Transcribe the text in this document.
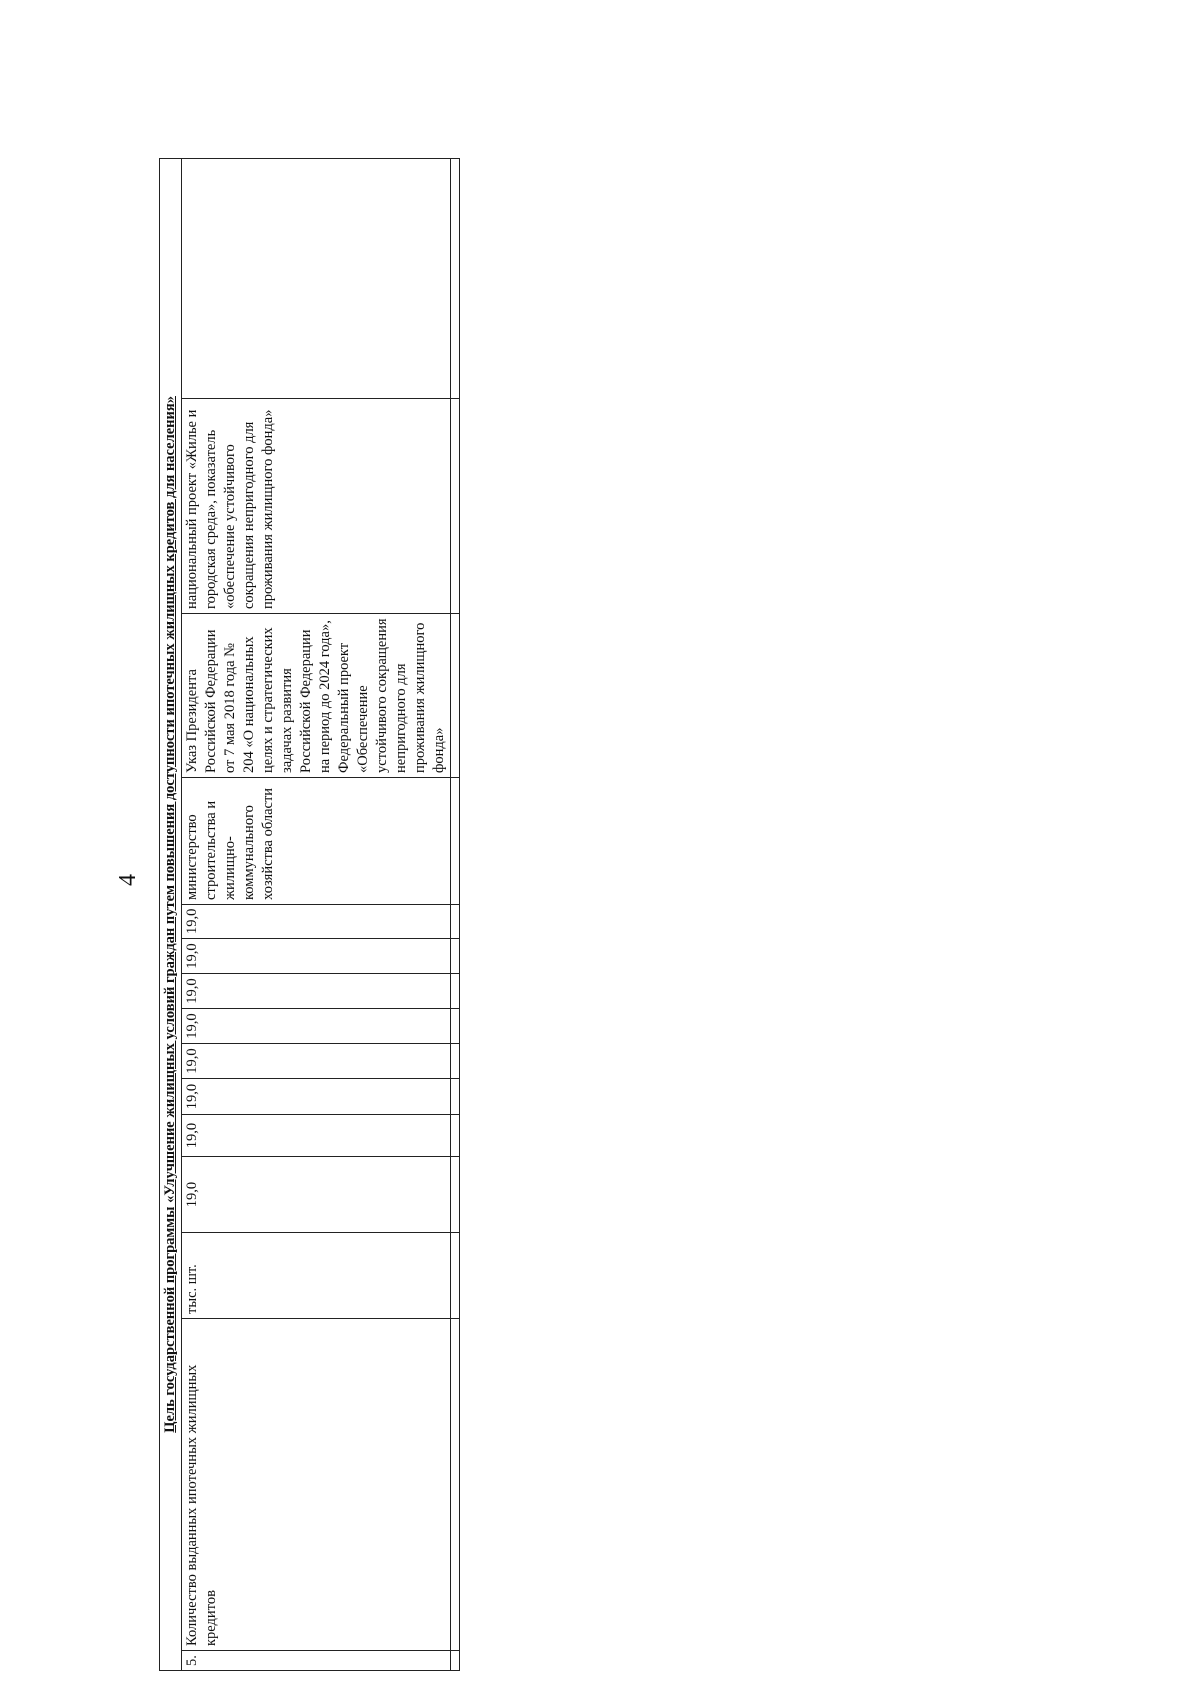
4 Цель государственной программы «Улучшение жилищных условий граждан путем повышения доступности ипотечных жилищных кредитов для населения»														
5.	Количество выданных ипотечных жилищных кредитов	тыс. шт.	19,0	19,0	19,0	19,0	19,0	19,0	19,0	19,0	министерство строительства и жилищно-коммунального хозяйства области	Указ Президента Российской Федерации от 7 мая 2018 года № 204 «О национальных целях и стратегических задачах развития Российской Федерации на период до 2024 года», Федеральный проект «Обеспечение устойчивого сокращения непригодного для проживания жилищного фонда»	национальный проект «Жилье и городская среда», показатель «обеспечение устойчивого сокращения непригодного для проживания жилищного фонда»	
